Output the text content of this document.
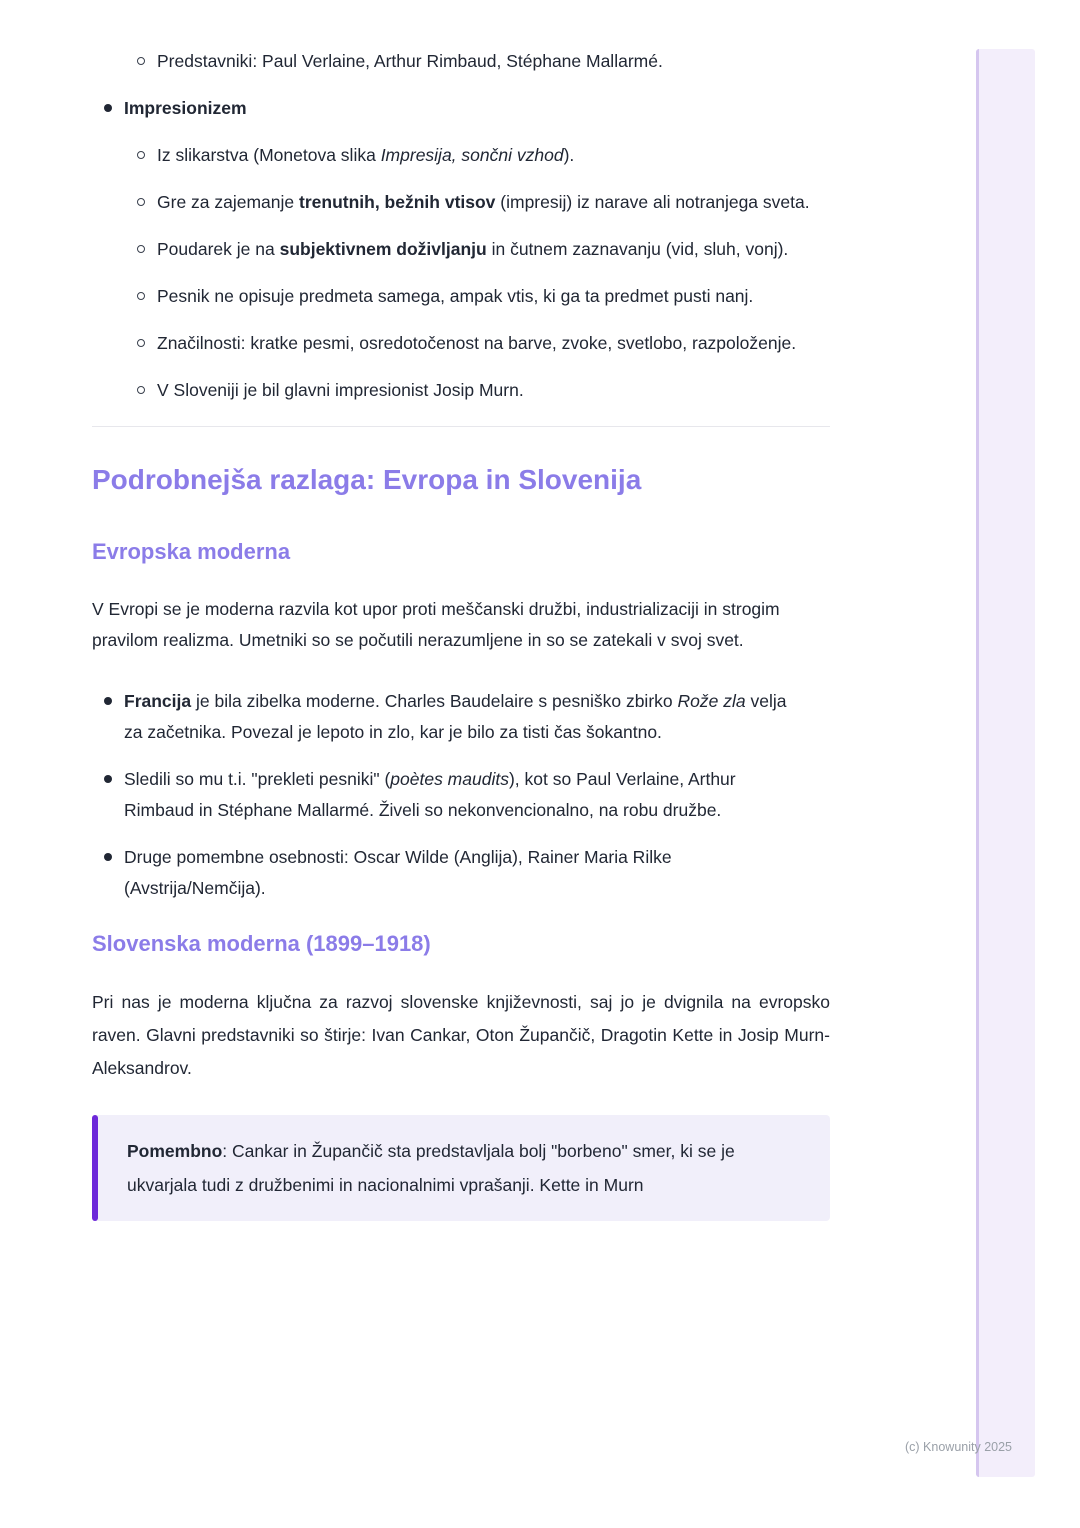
Predstavniki: Paul Verlaine, Arthur Rimbaud, Stéphane Mallarmé.
Impresionizem
Iz slikarstva (Monetova slika Impresija, sončni vzhod).
Gre za zajemanje trenutnih, bežnih vtisov (impresij) iz narave ali notranjega sveta.
Poudarek je na subjektivnem doživljanju in čutnem zaznavanju (vid, sluh, vonj).
Pesnik ne opisuje predmeta samega, ampak vtis, ki ga ta predmet pusti nanj.
Značilnosti: kratke pesmi, osredotočenost na barve, zvoke, svetlobo, razpoloženje.
V Sloveniji je bil glavni impresionist Josip Murn.
Podrobnejša razlaga: Evropa in Slovenija
Evropska moderna
V Evropi se je moderna razvila kot upor proti meščanski družbi, industrializaciji in strogim pravilom realizma. Umetniki so se počutili nerazumljene in so se zatekali v svoj svet.
Francija je bila zibelka moderne. Charles Baudelaire s pesniško zbirko Rože zla velja za začetnika. Povezal je lepoto in zlo, kar je bilo za tisti čas šokantno.
Sledili so mu t.i. "prekleti pesniki" (poètes maudits), kot so Paul Verlaine, Arthur Rimbaud in Stéphane Mallarmé. Živeli so nekonvencionalno, na robu družbe.
Druge pomembne osebnosti: Oscar Wilde (Anglija), Rainer Maria Rilke (Avstrija/Nemčija).
Slovenska moderna (1899–1918)
Pri nas je moderna ključna za razvoj slovenske književnosti, saj jo je dvignila na evropsko raven. Glavni predstavniki so štirje: Ivan Cankar, Oton Župančič, Dragotin Kette in Josip Murn-Aleksandrov.
Pomembno: Cankar in Župančič sta predstavljala bolj "borbeno" smer, ki se je ukvarjala tudi z družbenimi in nacionalnimi vprašanji. Kette in Murn
(c) Knowunity 2025
